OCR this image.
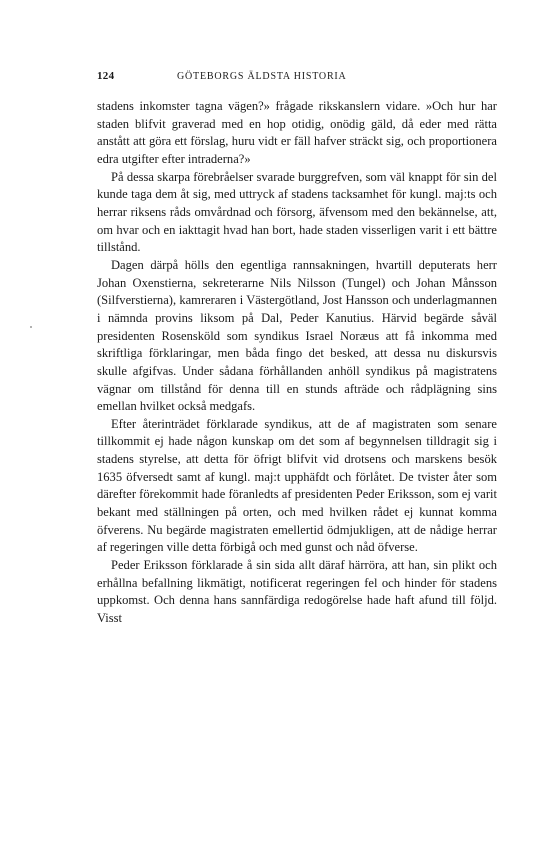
124	GÖTEBORGS ÄLDSTA HISTORIA

stadens inkomster tagna vägen?» frågade rikskanslern vidare. »Och hur har staden blifvit graverad med en hop otidig, onödig gäld, då eder med rätta anstått att göra ett förslag, huru vidt er fäll hafver sträckt sig, och proportionera edra utgifter efter intraderna?»

På dessa skarpa förebråelser svarade burggrefven, som väl knappt för sin del kunde taga dem åt sig, med uttryck af stadens tacksamhet för kungl. maj:ts och herrar riksens råds omvårdnad och försorg, äfvensom med den bekännelse, att, om hvar och en iakttagit hvad han bort, hade staden visserligen varit i ett bättre tillstånd.

Dagen därpå hölls den egentliga rannsakningen, hvartill deputerats herr Johan Oxenstierna, sekreterarne Nils Nilsson (Tungel) och Johan Månsson (Silfverstierna), kamreraren i Västergötland, Jost Hansson och underlagmannen i nämnda provins liksom på Dal, Peder Kanutius. Härvid begärde såväl presidenten Rosensköld som syndikus Israel Noræus att få inkomma med skriftliga förklaringar, men båda fingo det besked, att dessa nu diskursvis skulle afgifvas. Under sådana förhållanden anhöll syndikus på magistratens vägnar om tillstånd för denna till en stunds afträde och rådplägning sins emellan hvilket också medgafs.

Efter återinträdet förklarade syndikus, att de af magistraten som senare tillkommit ej hade någon kunskap om det som af begynnelsen tilldragit sig i stadens styrelse, att detta för öfrigt blifvit vid drotsens och marskens besök 1635 öfversedt samt af kungl. maj:t upphäfdt och förlåtet. De tvister åter som därefter förekommit hade föranledts af presidenten Peder Eriksson, som ej varit bekant med ställningen på orten, och med hvilken rådet ej kunnat komma öfverens. Nu begärde magistraten emellertid ödmjukligen, att de nådige herrar af regeringen ville detta förbigå och med gunst och nåd öfverse.

Peder Eriksson förklarade å sin sida allt däraf härröra, att han, sin plikt och erhållna befallning likmätigt, notificerat regeringen fel och hinder för stadens uppkomst. Och denna hans sannfärdiga redogörelse hade haft afund till följd. Visst
